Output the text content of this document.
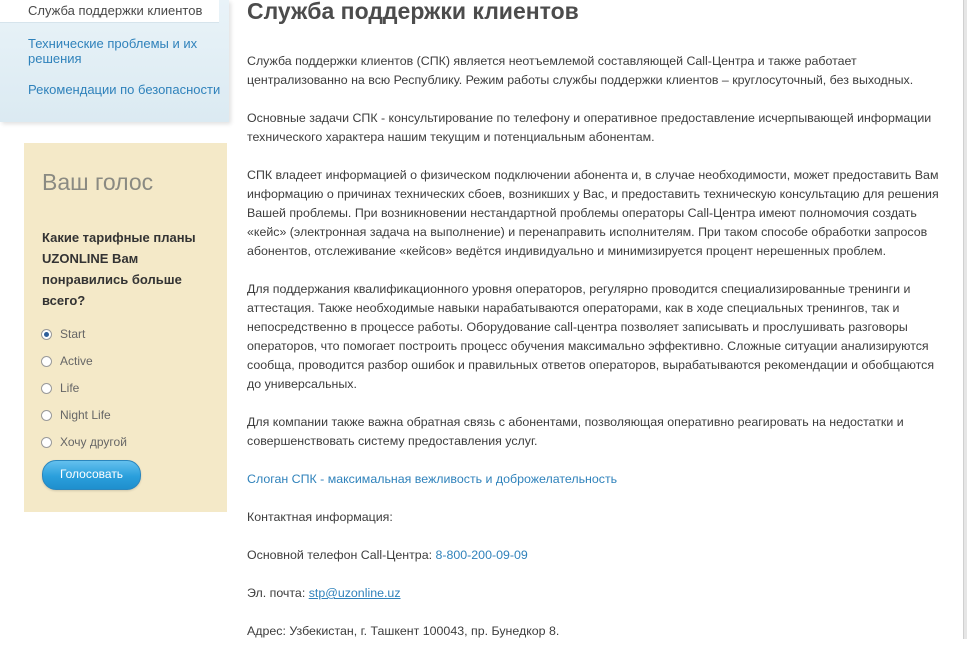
Служба поддержки клиентов
Технические проблемы и их решения
Рекомендации по безопасности
Ваш голос
Какие тарифные планы UZONLINE Вам понравились больше всего?
Start
Active
Life
Night Life
Хочу другой
Голосовать
Служба поддержки клиентов

Служба поддержки клиентов (СПК) является неотъемлемой составляющей Call-Центра и также работает централизованно на всю Республику. Режим работы службы поддержки клиентов – круглосуточный, без выходных.

Основные задачи СПК - консультирование по телефону и оперативное предоставление исчерпывающей информации технического характера нашим текущим и потенциальным абонентам.

СПК владеет информацией о физическом подключении абонента и, в случае необходимости, может предоставить Вам информацию о причинах технических сбоев, возникших у Вас, и предоставить техническую консультацию для решения Вашей проблемы. При возникновении нестандартной проблемы операторы Call-Центра имеют полномочия создать «кейс» (электронная задача на выполнение) и перенаправить исполнителям. При таком способе обработки запросов абонентов, отслеживание «кейсов» ведётся индивидуально и минимизируется процент нерешенных проблем.

Для поддержания квалификационного уровня операторов, регулярно проводится специализированные тренинги и аттестация. Также необходимые навыки нарабатываются операторами, как в ходе специальных тренингов, так и непосредственно в процессе работы. Оборудование call-центра позволяет записывать и прослушивать разговоры операторов, что помогает построить процесс обучения максимально эффективно. Сложные ситуации анализируются сообща, проводится разбор ошибок и правильных ответов операторов, вырабатываются рекомендации и обобщаются до универсальных.

Для компании также важна обратная связь с абонентами, позволяющая оперативно реагировать на недостатки и совершенствовать систему предоставления услуг.

Слоган СПК - максимальная вежливость и доброжелательность

Контактная информация:

Основной телефон Call-Центра: 8-800-200-09-09

Эл. почта: stp@uzonline.uz

Адрес: Узбекистан, г. Ташкент 100043, пр. Бунедкор 8.
